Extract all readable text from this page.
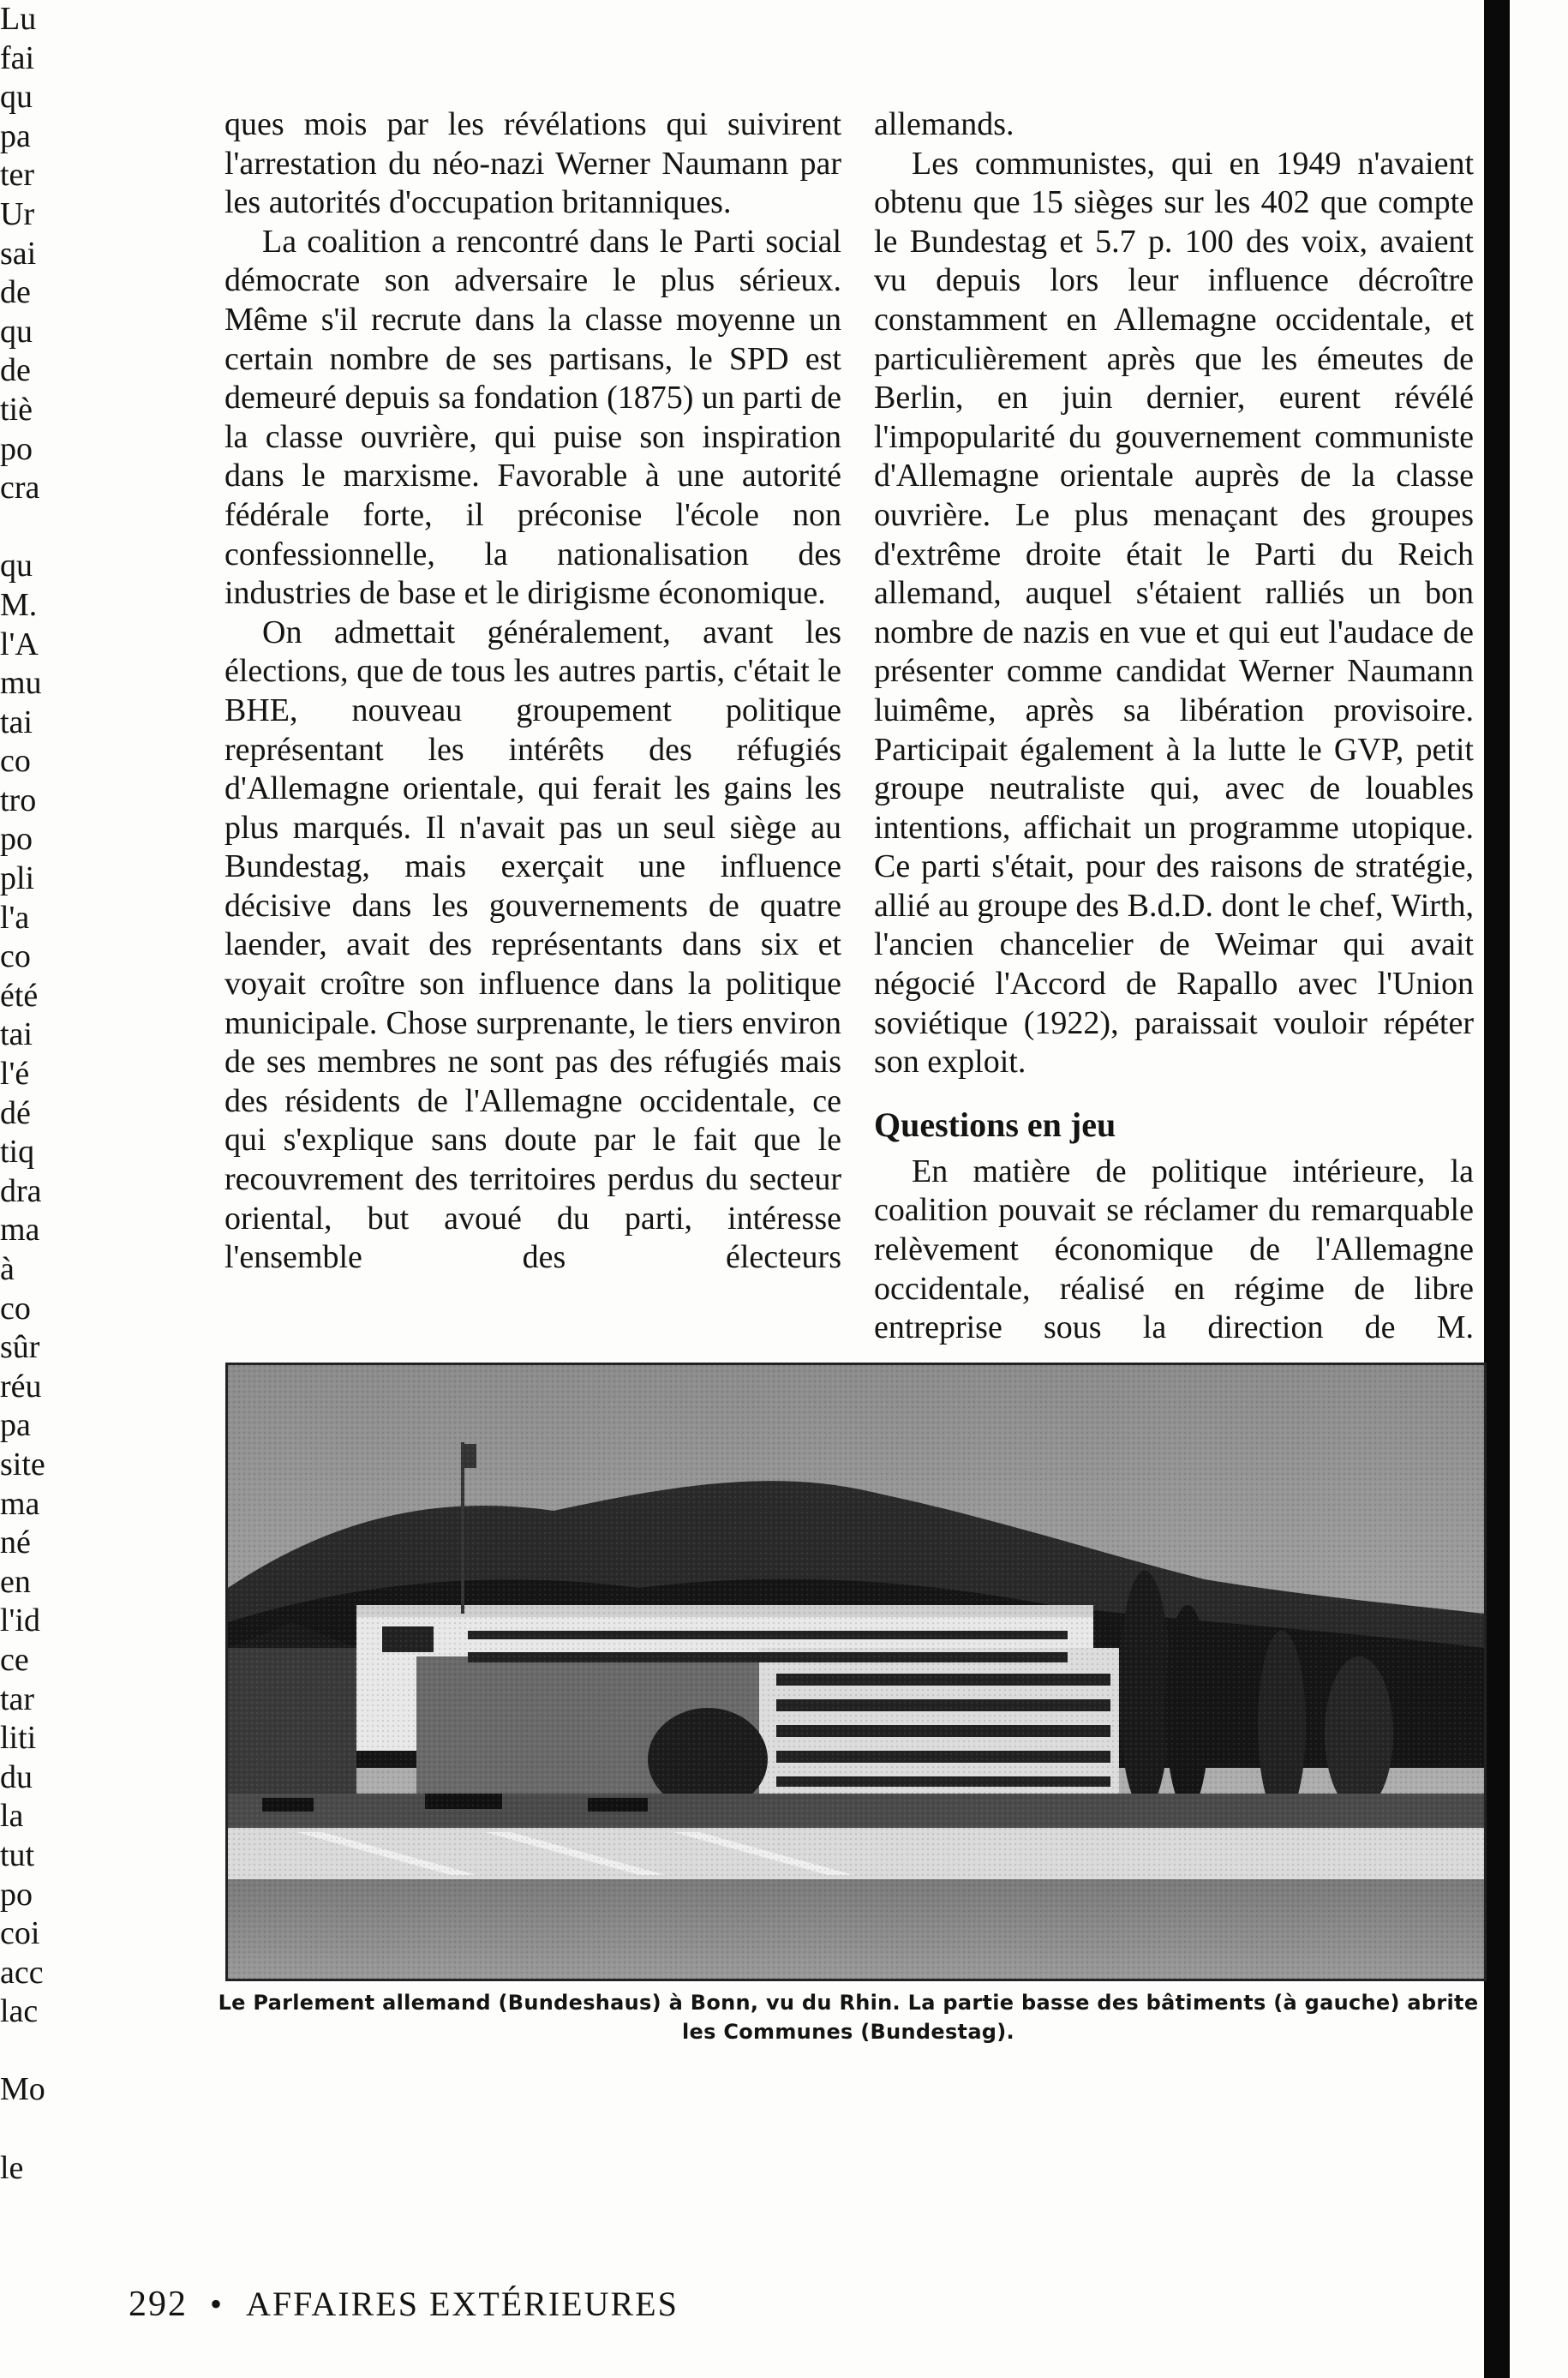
ques mois par les révélations qui suivirent l'arrestation du néo-nazi Werner Naumann par les autorités d'occupation britanniques.

La coalition a rencontré dans le Parti social démocrate son adversaire le plus sérieux. Même s'il recrute dans la classe moyenne un certain nombre de ses partisans, le SPD est demeuré depuis sa fondation (1875) un parti de la classe ouvrière, qui puise son inspiration dans le marxisme. Favorable à une autorité fédérale forte, il préconise l'école non confessionnelle, la nationalisation des industries de base et le dirigisme économique.

On admettait généralement, avant les élections, que de tous les autres partis, c'était le BHE, nouveau groupement politique représentant les intérêts des réfugiés d'Allemagne orientale, qui ferait les gains les plus marqués. Il n'avait pas un seul siège au Bundestag, mais exerçait une influence décisive dans les gouvernements de quatre laender, avait des représentants dans six et voyait croître son influence dans la politique municipale. Chose surprenante, le tiers environ de ses membres ne sont pas des réfugiés mais des résidents de l'Allemagne occidentale, ce qui s'explique sans doute par le fait que le recouvrement des territoires perdus du secteur oriental, but avoué du parti, intéresse l'ensemble des électeurs

allemands.

Les communistes, qui en 1949 n'avaient obtenu que 15 sièges sur les 402 que compte le Bundestag et 5.7 p. 100 des voix, avaient vu depuis lors leur influence décroître constamment en Allemagne occidentale, et particulièrement après que les émeutes de Berlin, en juin dernier, eurent révélé l'impopularité du gouvernement communiste d'Allemagne orientale auprès de la classe ouvrière. Le plus menaçant des groupes d'extrême droite était le Parti du Reich allemand, auquel s'étaient ralliés un bon nombre de nazis en vue et qui eut l'audace de présenter comme candidat Werner Naumann luimême, après sa libération provisoire. Participait également à la lutte le GVP, petit groupe neutraliste qui, avec de louables intentions, affichait un programme utopique. Ce parti s'était, pour des raisons de stratégie, allié au groupe des B.d.D. dont le chef, Wirth, l'ancien chancelier de Weimar qui avait négocié l'Accord de Rapallo avec l'Union soviétique (1922), paraissait vouloir répéter son exploit.

Questions en jeu

En matière de politique intérieure, la coalition pouvait se réclamer du remarquable relèvement économique de l'Allemagne occidentale, réalisé en régime de libre entreprise sous la direction de M.

Lu
fai
qu
pa
ter
Ur
sai
de
qu
de
tiè
po
cra

qu
M.
l'A
mu
tai
co
tro
po
pli
l'a
co
été
tai
l'é
dé
tiq
dra
ma
à
co
sûr
réu
pa
site
ma
né
en
l'id
ce
tar
liti
du
la
tut
po
coi
acc
lac

Mo

le
Le Parlement allemand (Bundeshaus) à Bonn, vu du Rhin. La partie basse des bâtiments (à gauche) abrite les Communes (Bundestag).
292 • AFFAIRES EXTÉRIEURES
